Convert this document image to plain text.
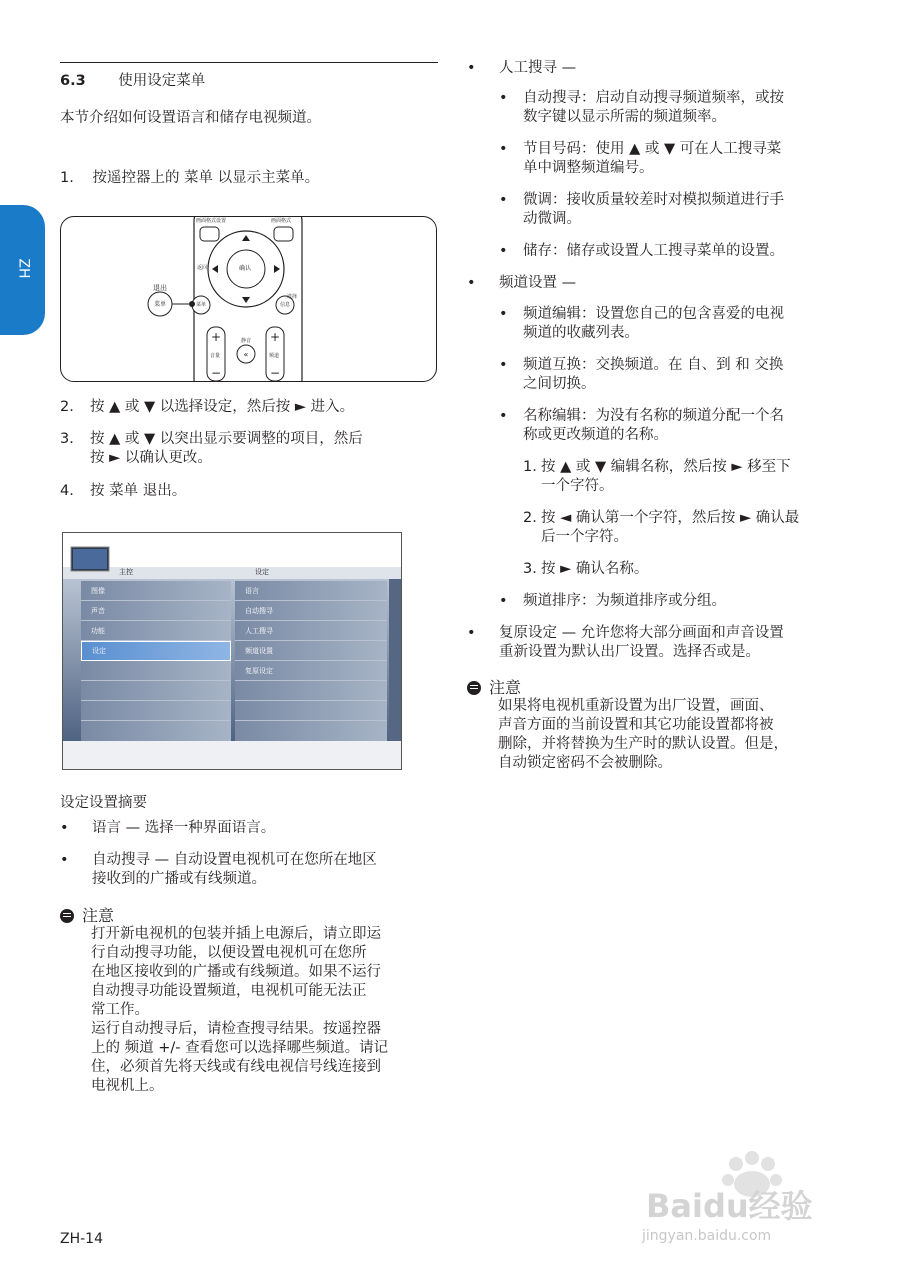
ZH
6.3 使用设定菜单
本节介绍如何设置语言和储存电视频道。
1. 按遥控器上的 菜单 以显示主菜单。
+
−
+
−
«
画面格式设置	画面格式
确认
返回
选择
退出
菜单	菜单	信息
音量	频道
静音
2. 按 ▲ 或 ▼ 以选择设定，然后按 ► 进入。
3. 按 ▲ 或 ▼ 以突出显示要调整的项目，然后
按 ► 以确认更改。
4. 按 菜单 退出。
主控	设定
图像
声音
功能
设定
语言
自动搜寻
人工搜寻
频道设置
复原设定
设定设置摘要
• 语言 — 选择一种界面语言。
• 自动搜寻 — 自动设置电视机可在您所在地区
接收到的广播或有线频道。
注意
打开新电视机的包装并插上电源后，请立即运
行自动搜寻功能，以便设置电视机可在您所
在地区接收到的广播或有线频道。如果不运行
自动搜寻功能设置频道，电视机可能无法正
常工作。
运行自动搜寻后，请检查搜寻结果。按遥控器
上的 频道 +/- 查看您可以选择哪些频道。请记
住，必须首先将天线或有线电视信号线连接到
电视机上。
• 人工搜寻 —
• 自动搜寻：启动自动搜寻频道频率，或按
数字键以显示所需的频道频率。
• 节目号码：使用 ▲ 或 ▼ 可在人工搜寻菜
单中调整频道编号。
• 微调：接收质量较差时对模拟频道进行手
动微调。
• 储存：储存或设置人工搜寻菜单的设置。
• 频道设置 —
• 频道编辑：设置您自己的包含喜爱的电视
频道的收藏列表。
• 频道互换：交换频道。在 自、到 和 交换
之间切换。
• 名称编辑：为没有名称的频道分配一个名
称或更改频道的名称。
1. 按 ▲ 或 ▼ 编辑名称，然后按 ► 移至下
一个字符。
2. 按 ◄ 确认第一个字符，然后按 ► 确认最
后一个字符。
3. 按 ► 确认名称。
• 频道排序：为频道排序或分组。
• 复原设定 — 允许您将大部分画面和声音设置
重新设置为默认出厂设置。选择否或是。
注意
如果将电视机重新设置为出厂设置，画面、
声音方面的当前设置和其它功能设置都将被
删除，并将替换为生产时的默认设置。但是，
自动锁定密码不会被删除。
ZH-14
Baidu经验
jingyan.baidu.com
